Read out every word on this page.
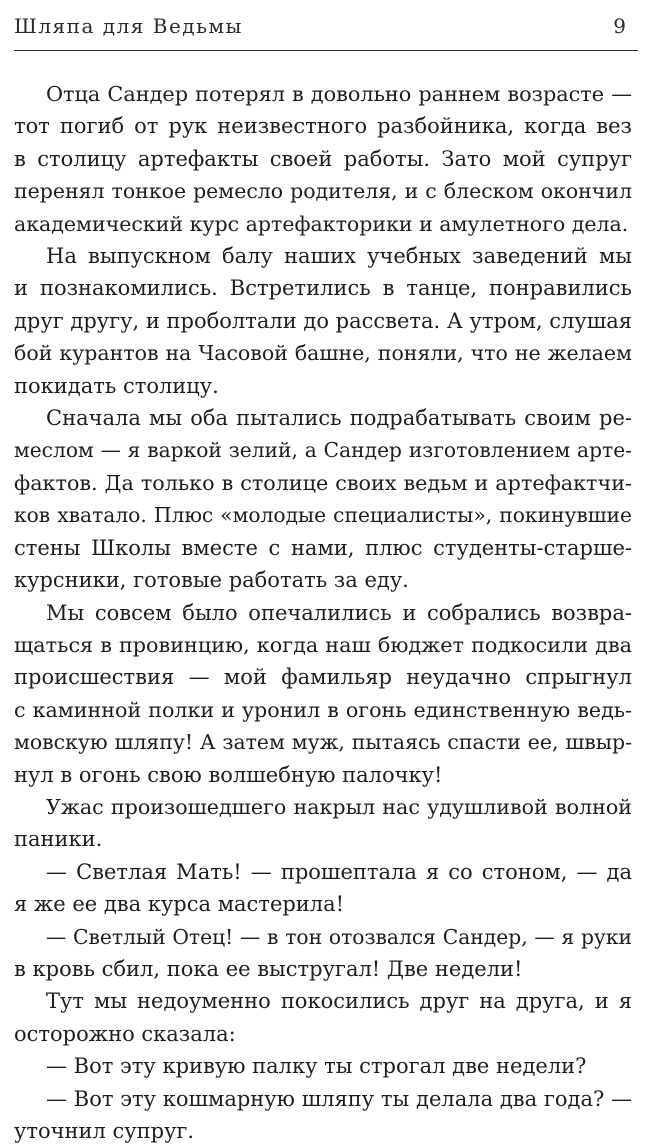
Шляпа для Ведьмы	9
Отца Сандер потерял в довольно раннем возрасте —
тот погиб от рук неизвестного разбойника, когда вез
в столицу артефакты своей работы. Зато мой супруг
перенял тонкое ремесло родителя, и с блеском окончил
академический курс артефакторики и амулетного дела.
На выпускном балу наших учебных заведений мы
и познакомились. Встретились в танце, понравились
друг другу, и проболтали до рассвета. А утром, слушая
бой курантов на Часовой башне, поняли, что не желаем
покидать столицу.
Сначала мы оба пытались подрабатывать своим ре-
меслом — я варкой зелий, а Сандер изготовлением арте-
фактов. Да только в столице своих ведьм и артефактчи-
ков хватало. Плюс «молодые специалисты», покинувшие
стены Школы вместе с нами, плюс студенты-старше-
курсники, готовые работать за еду.
Мы совсем было опечалились и собрались возвра-
щаться в провинцию, когда наш бюджет подкосили два
происшествия — мой фамильяр неудачно спрыгнул
с каминной полки и уронил в огонь единственную ведь-
мовскую шляпу! А затем муж, пытаясь спасти ее, швыр-
нул в огонь свою волшебную палочку!
Ужас произошедшего накрыл нас удушливой волной
паники.
— Светлая Мать! — прошептала я со стоном, — да
я же ее два курса мастерила!
— Светлый Отец! — в тон отозвался Сандер, — я руки
в кровь сбил, пока ее выстругал! Две недели!
Тут мы недоуменно покосились друг на друга, и я
осторожно сказала:
— Вот эту кривую палку ты строгал две недели?
— Вот эту кошмарную шляпу ты делала два года? —
уточнил супруг.
